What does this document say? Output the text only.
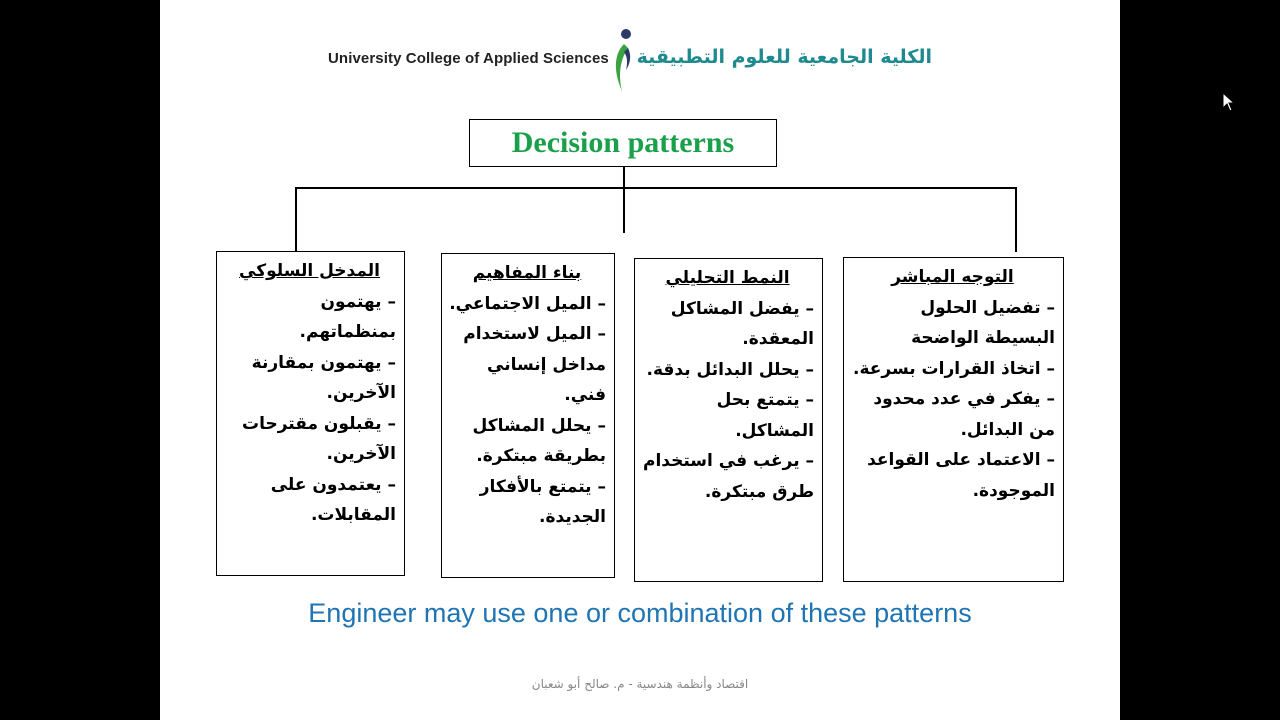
University College of Applied Sciences الكلية الجامعية للعلوم التطبيقية
Decision patterns
المدخل السلوكي
– يهتمون بمنظماتهم.
– يهتمون بمقارنة الآخرين.
– يقبلون مقترحات الآخرين.
– يعتمدون على المقابلات.
بناء المفاهيم
– الميل الاجتماعي.
– الميل لاستخدام مداخل إنساني فني.
– يحلل المشاكل بطريقة مبتكرة.
– يتمتع بالأفكار الجديدة.
النمط التحليلي
– يفضل المشاكل المعقدة.
– يحلل البدائل بدقة.
– يتمتع بحل المشاكل.
– يرغب في استخدام طرق مبتكرة.
التوجه المباشر
– تفضيل الحلول البسيطة الواضحة
– اتخاذ القرارات بسرعة.
– يفكر في عدد محدود من البدائل.
– الاعتماد على القواعد الموجودة.
Engineer may use one or combination of these patterns
اقتصاد وأنظمة هندسية - م. صالح أبو شعبان
